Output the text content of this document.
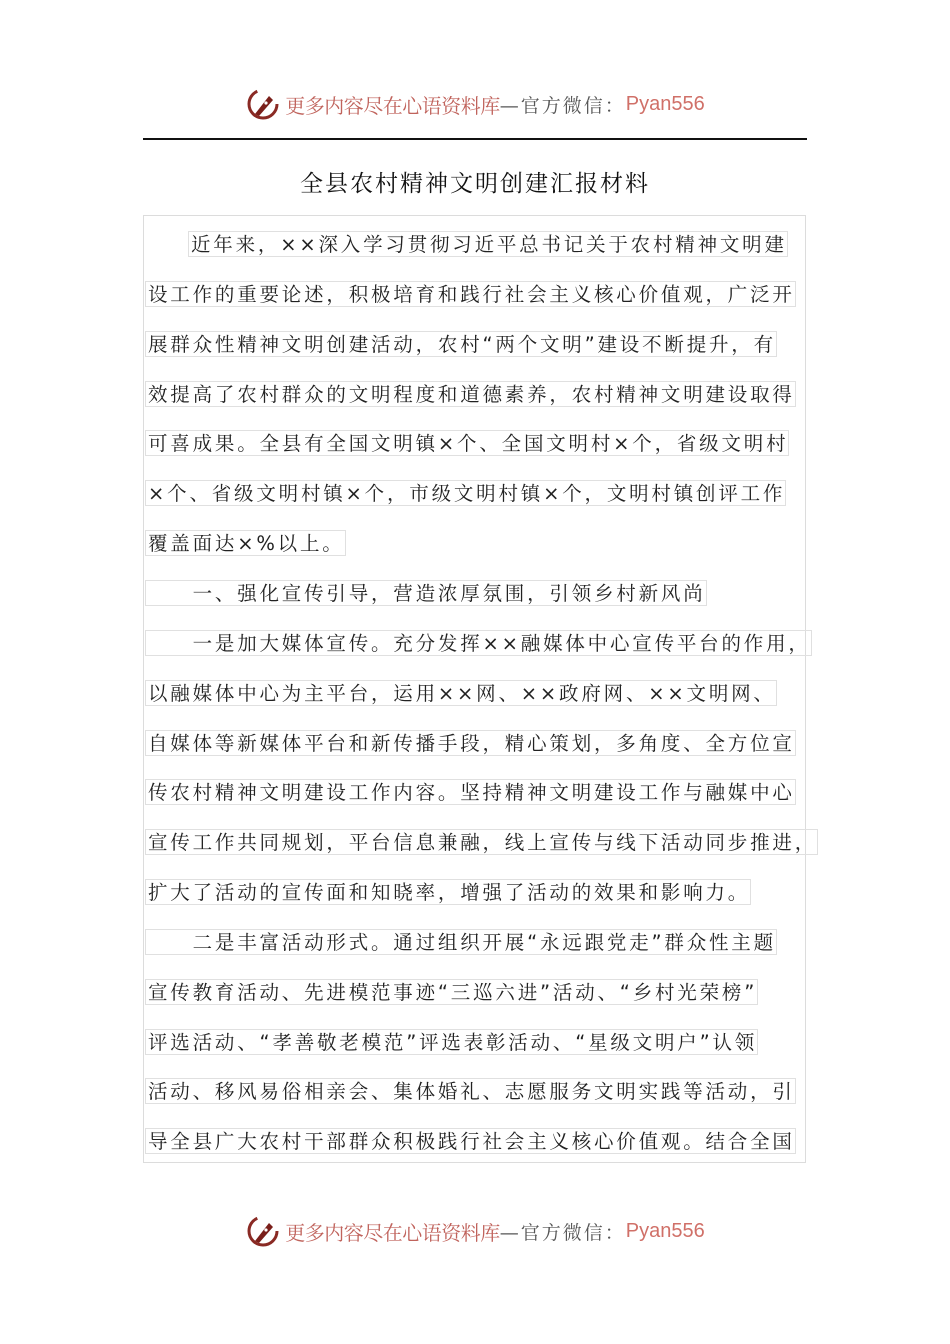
更多内容尽在心语资料库 —官方微信： Pyan556
全县农村精神文明创建汇报材料
近年来，××深入学习贯彻习近平总书记关于农村精神文明建
设工作的重要论述，积极培育和践行社会主义核心价值观，广泛开
展群众性精神文明创建活动，农村“两个文明”建设不断提升，有
效提高了农村群众的文明程度和道德素养，农村精神文明建设取得
可喜成果。全县有全国文明镇×个、全国文明村×个，省级文明村
×个、省级文明村镇×个，市级文明村镇×个，文明村镇创评工作
覆盖面达×%以上。
　　一、强化宣传引导，营造浓厚氛围，引领乡村新风尚
　　一是加大媒体宣传。充分发挥××融媒体中心宣传平台的作用，
以融媒体中心为主平台，运用××网、××政府网、××文明网、
自媒体等新媒体平台和新传播手段，精心策划，多角度、全方位宣
传农村精神文明建设工作内容。坚持精神文明建设工作与融媒中心
宣传工作共同规划，平台信息兼融，线上宣传与线下活动同步推进，
扩大了活动的宣传面和知晓率，增强了活动的效果和影响力。
　　二是丰富活动形式。通过组织开展“永远跟党走”群众性主题
宣传教育活动、先进模范事迹“三巡六进”活动、“乡村光荣榜”
评选活动、“孝善敬老模范”评选表彰活动、“星级文明户”认领
活动、移风易俗相亲会、集体婚礼、志愿服务文明实践等活动，引
导全县广大农村干部群众积极践行社会主义核心价值观。结合全国
更多内容尽在心语资料库 —官方微信： Pyan556
